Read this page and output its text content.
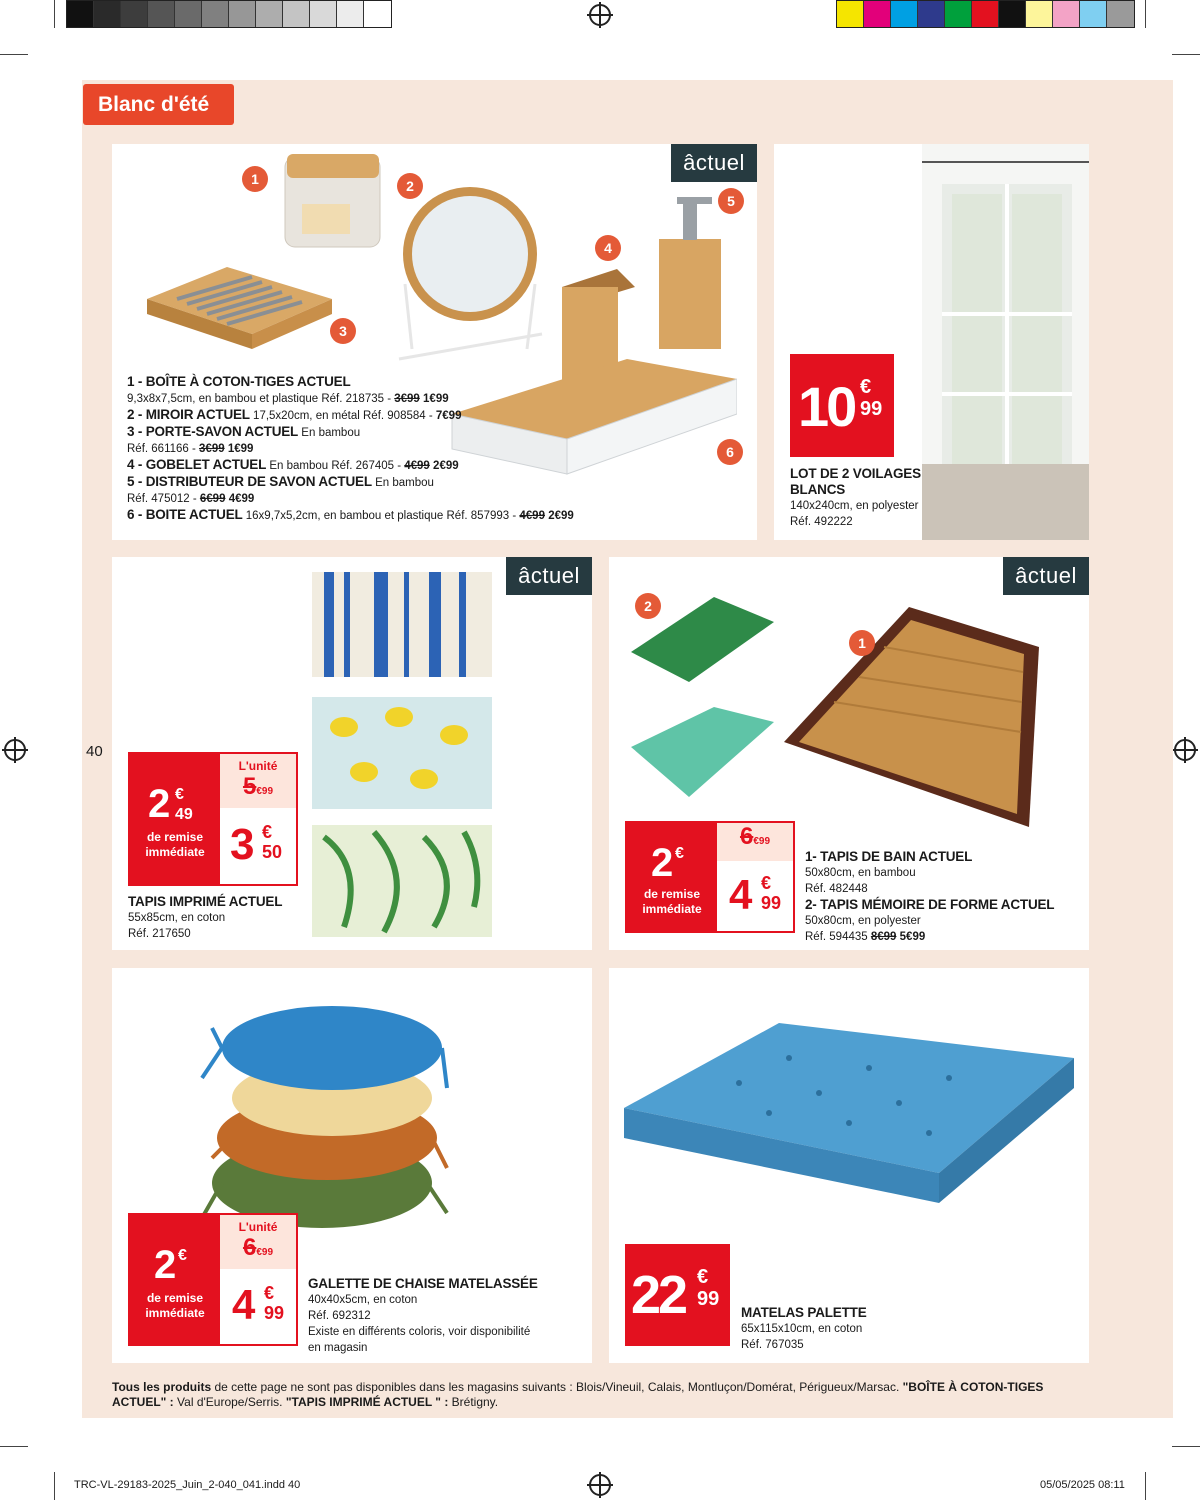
Blanc d'été
40
âctuel
1	2
3
4
5
6
1 - BOÎTE À COTON-TIGES ACTUEL
9,3x8x7,5cm, en bambou et plastique Réf. 218735 - 3€99 1€99
2 - MIROIR ACTUEL 17,5x20cm, en métal Réf. 908584 - 7€99
3 - PORTE-SAVON ACTUEL En bambou
Réf. 661166 - 3€99 1€99
4 - GOBELET ACTUEL En bambou Réf. 267405 - 4€99 2€99
5 - DISTRIBUTEUR DE SAVON ACTUEL En bambou
Réf. 475012 - 6€99 4€99
6 - BOITE ACTUEL 16x9,7x5,2cm, en bambou et plastique Réf. 857993 - 4€99 2€99
10 €
99
LOT DE 2 VOILAGES
BLANCS
140x240cm, en polyester
Réf. 492222
âctuel
2 €
49
de remise
immédiate
L'unité
5€99
3 €
50
TAPIS IMPRIMÉ ACTUEL
55x85cm, en coton
Réf. 217650
âctuel
2
1
2 €
de remise
immédiate
6€99
4 €
99
1- TAPIS DE BAIN ACTUEL
50x80cm, en bambou
Réf. 482448
2- TAPIS MÉMOIRE DE FORME ACTUEL
50x80cm, en polyester
Réf. 594435 8€99 5€99
2 €
de remise
immédiate
L'unité
6€99
4 €
99
GALETTE DE CHAISE MATELASSÉE
40x40x5cm, en coton
Réf. 692312
Existe en différents coloris, voir disponibilité
en magasin
22 €
99
MATELAS PALETTE
65x115x10cm, en coton
Réf. 767035
Tous les produits de cette page ne sont pas disponibles dans les magasins suivants : Blois/Vineuil, Calais, Montluçon/Domérat, Périgueux/Marsac. "BOÎTE À COTON-TIGES ACTUEL" : Val d'Europe/Serris. "TAPIS IMPRIMÉ ACTUEL " : Brétigny.
TRC-VL-29183-2025_Juin_2-040_041.indd 40	05/05/2025 08:11
